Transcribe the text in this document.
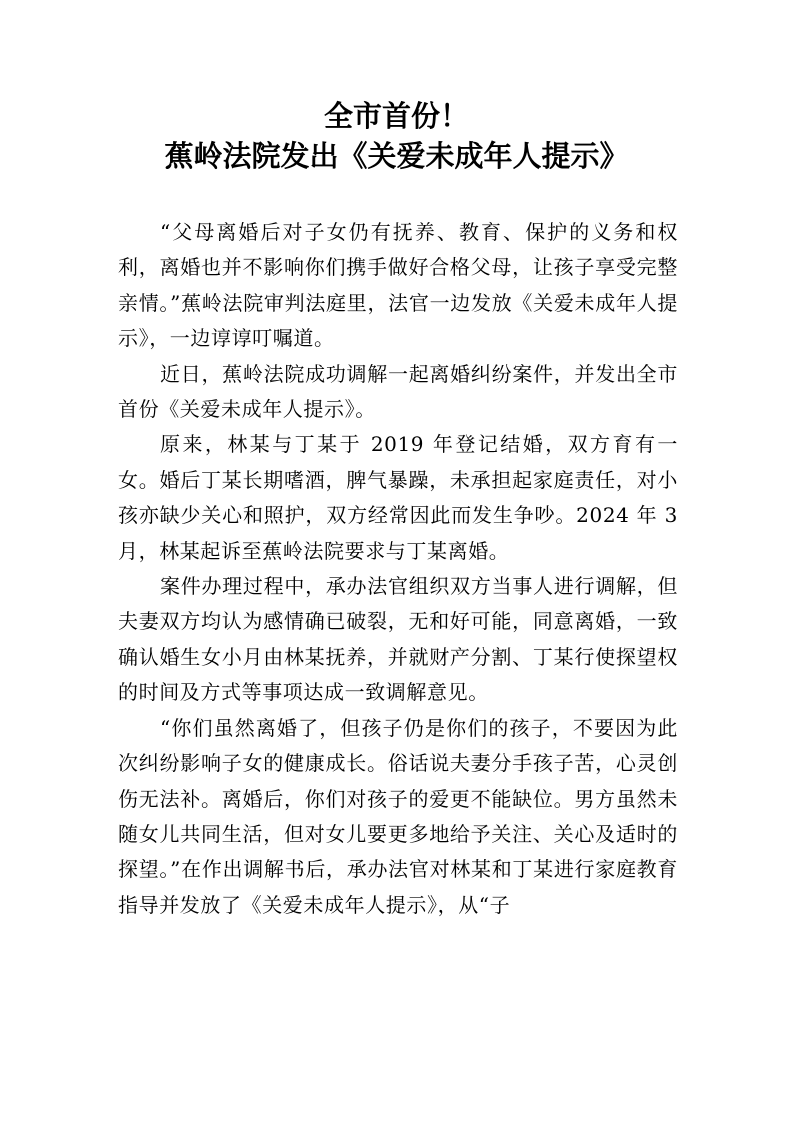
全市首份！
蕉岭法院发出《关爱未成年人提示》

“父母离婚后对子女仍有抚养、教育、保护的义务和权利，离婚也并不影响你们携手做好合格父母，让孩子享受完整亲情。”蕉岭法院审判法庭里，法官一边发放《关爱未成年人提示》，一边谆谆叮嘱道。

近日，蕉岭法院成功调解一起离婚纠纷案件，并发出全市首份《关爱未成年人提示》。

原来，林某与丁某于 2019 年登记结婚，双方育有一女。婚后丁某长期嗜酒，脾气暴躁，未承担起家庭责任，对小孩亦缺少关心和照护，双方经常因此而发生争吵。2024 年 3 月，林某起诉至蕉岭法院要求与丁某离婚。

案件办理过程中，承办法官组织双方当事人进行调解，但夫妻双方均认为感情确已破裂，无和好可能，同意离婚，一致确认婚生女小月由林某抚养，并就财产分割、丁某行使探望权的时间及方式等事项达成一致调解意见。

“你们虽然离婚了，但孩子仍是你们的孩子，不要因为此次纠纷影响子女的健康成长。俗话说夫妻分手孩子苦，心灵创伤无法补。离婚后，你们对孩子的爱更不能缺位。男方虽然未随女儿共同生活，但对女儿要更多地给予关注、关心及适时的探望。”在作出调解书后，承办法官对林某和丁某进行家庭教育指导并发放了《关爱未成年人提示》，从“子
